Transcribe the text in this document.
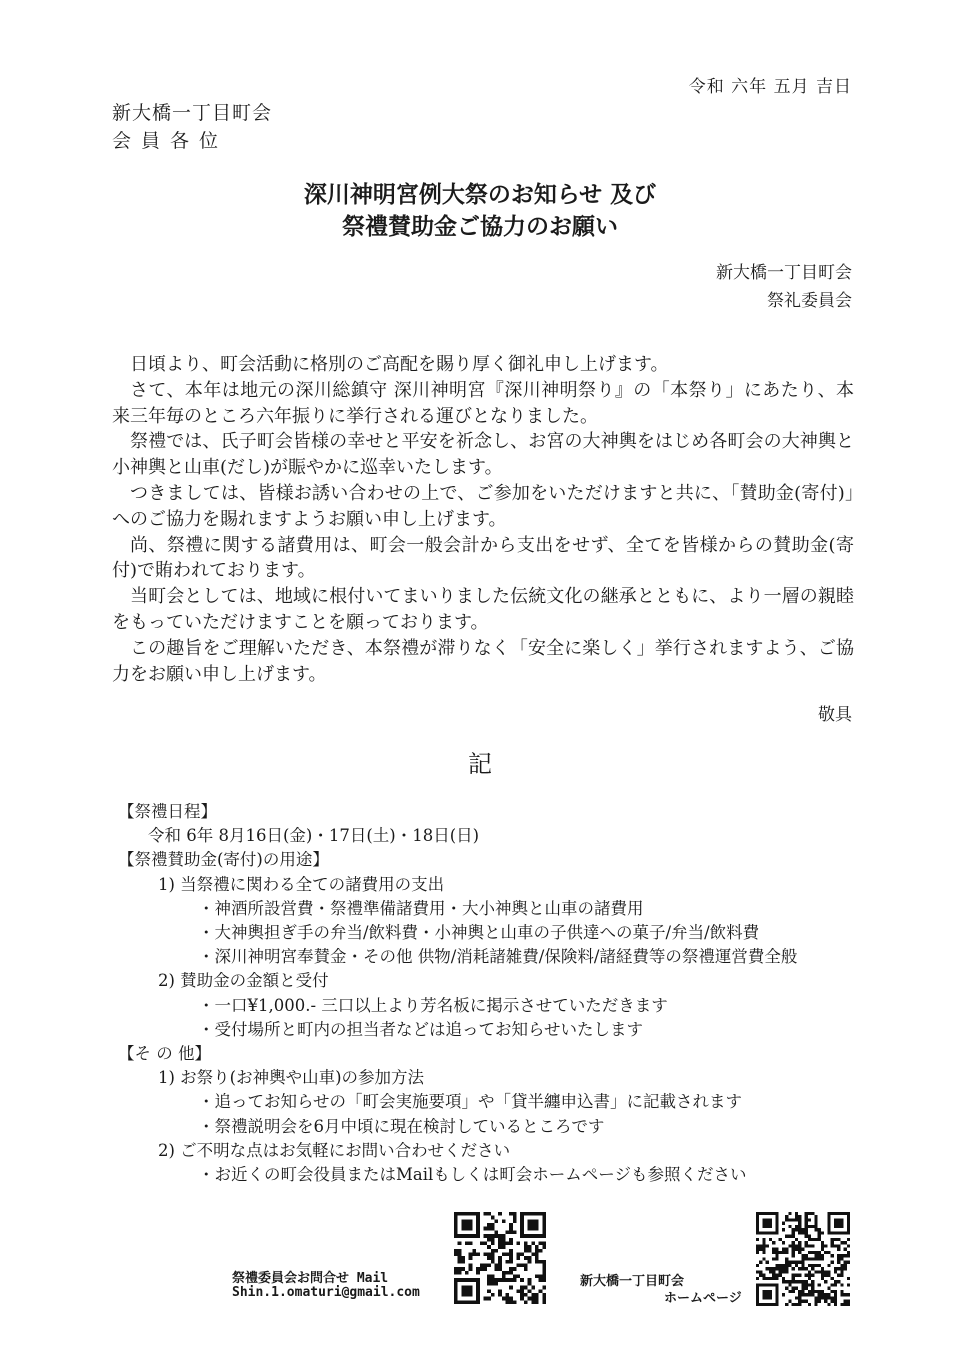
令和 六年 五月 吉日
新大橋一丁目町会
会員各位
深川神明宮例大祭のお知らせ 及び
祭禮賛助金ご協力のお願い
新大橋一丁目町会
祭礼委員会

日頃より、町会活動に格別のご高配を賜り厚く御礼申し上げます。

さて、本年は地元の深川総鎮守 深川神明宮『深川神明祭り』の「本祭り」にあたり、本来三年毎のところ六年振りに挙行される運びとなりました。

祭禮では、氏子町会皆様の幸せと平安を祈念し、お宮の大神輿をはじめ各町会の大神輿と小神輿と山車(だし)が賑やかに巡幸いたします。

つきましては、皆様お誘い合わせの上で、ご参加をいただけますと共に、「賛助金(寄付)」へのご協力を賜れますようお願い申し上げます。

尚、祭禮に関する諸費用は、町会一般会計から支出をせず、全てを皆様からの賛助金(寄付)で賄われております。

当町会としては、地域に根付いてまいりました伝統文化の継承とともに、より一層の親睦をもっていただけますことを願っております。

この趣旨をご理解いただき、本祭禮が滞りなく「安全に楽しく」挙行されますよう、ご協力をお願い申し上げます。

敬具
記
【祭禮日程】
令和 6年 8月16日(金)・17日(土)・18日(日)
【祭禮賛助金(寄付)の用途】
1) 当祭禮に関わる全ての諸費用の支出
・神酒所設営費・祭禮準備諸費用・大小神輿と山車の諸費用
・大神輿担ぎ手の弁当/飲料費・小神輿と山車の子供達への菓子/弁当/飲料費
・深川神明宮奉賛金・その他 供物/消耗諸雑費/保険料/諸経費等の祭禮運営費全般
2) 賛助金の金額と受付
・一口¥1,000.- 三口以上より芳名板に掲示させていただきます
・受付場所と町内の担当者などは追ってお知らせいたします
【そ の 他】
1) お祭り(お神輿や山車)の参加方法
・追ってお知らせの「町会実施要項」や「貸半纏申込書」に記載されます
・祭禮説明会を6月中頃に現在検討しているところです
2) ご不明な点はお気軽にお問い合わせください
・お近くの町会役員またはMailもしくは町会ホームページも参照ください
祭禮委員会お問合せ Mail
Shin.1.omaturi@gmail.com
新大橋一丁目町会
ホームページ
